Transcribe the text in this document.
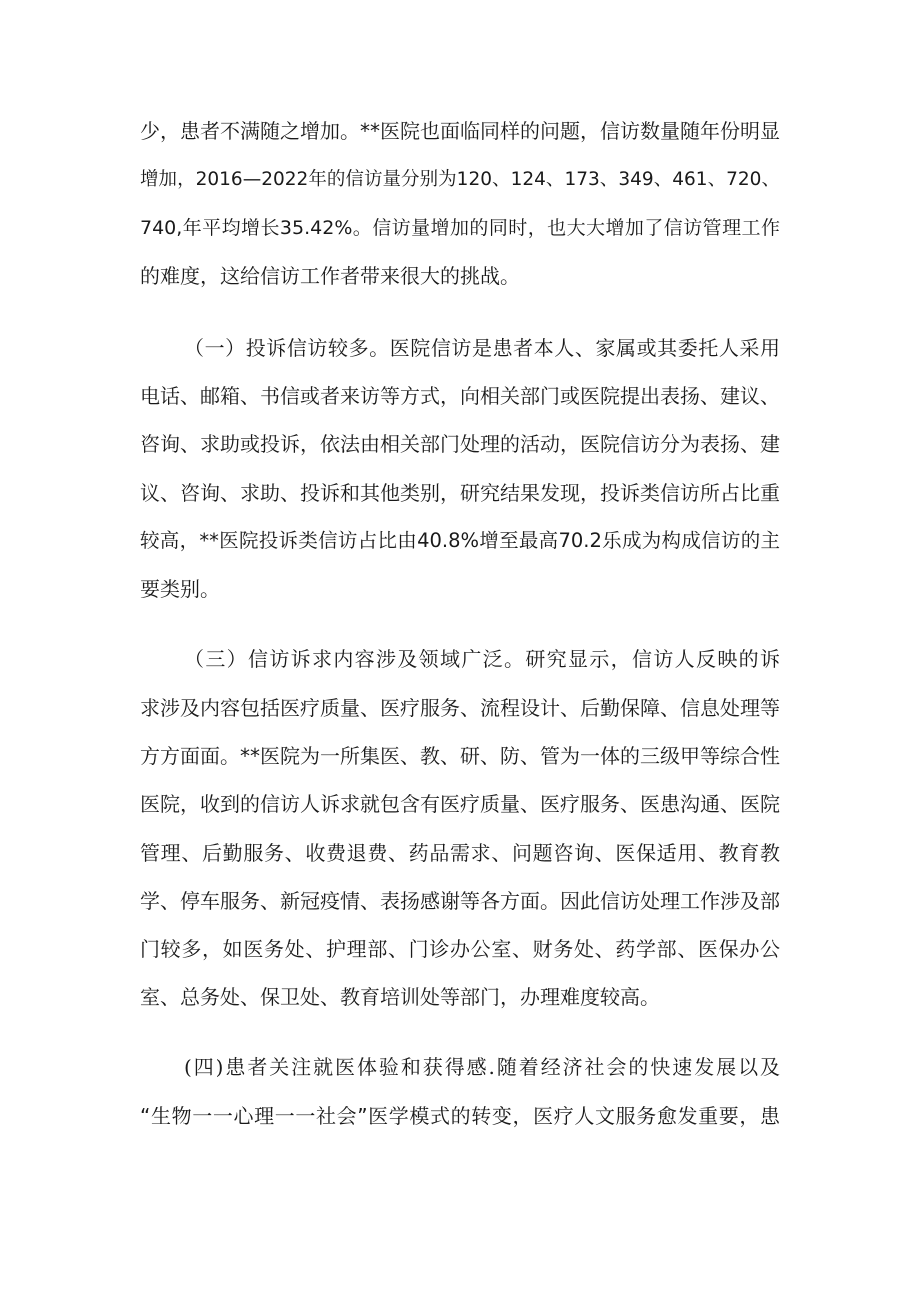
少，患者不满随之增加。**医院也面临同样的问题，信访数量随年份明显
增加，2016—2022年的信访量分别为120、124、173、349、461、720、
740,年平均增长35.42%。信访量增加的同时，也大大增加了信访管理工作
的难度，这给信访工作者带来很大的挑战。
（一）投诉信访较多。医院信访是患者本人、家属或其委托人采用
电话、邮箱、书信或者来访等方式，向相关部门或医院提出表扬、建议、
咨询、求助或投诉，依法由相关部门处理的活动，医院信访分为表扬、建
议、咨询、求助、投诉和其他类别，研究结果发现，投诉类信访所占比重
较高，**医院投诉类信访占比由40.8%增至最高70.2乐成为构成信访的主
要类别。
（三）信访诉求内容涉及领域广泛。研究显示，信访人反映的诉
求涉及内容包括医疗质量、医疗服务、流程设计、后勤保障、信息处理等
方方面面。**医院为一所集医、教、研、防、管为一体的三级甲等综合性
医院，收到的信访人诉求就包含有医疗质量、医疗服务、医患沟通、医院
管理、后勤服务、收费退费、药品需求、问题咨询、医保适用、教育教
学、停车服务、新冠疫情、表扬感谢等各方面。因此信访处理工作涉及部
门较多，如医务处、护理部、门诊办公室、财务处、药学部、医保办公
室、总务处、保卫处、教育培训处等部门，办理难度较高。
(四)患者关注就医体验和获得感.随着经济社会的快速发展以及
“生物一一心理一一社会”医学模式的转变，医疗人文服务愈发重要，患
